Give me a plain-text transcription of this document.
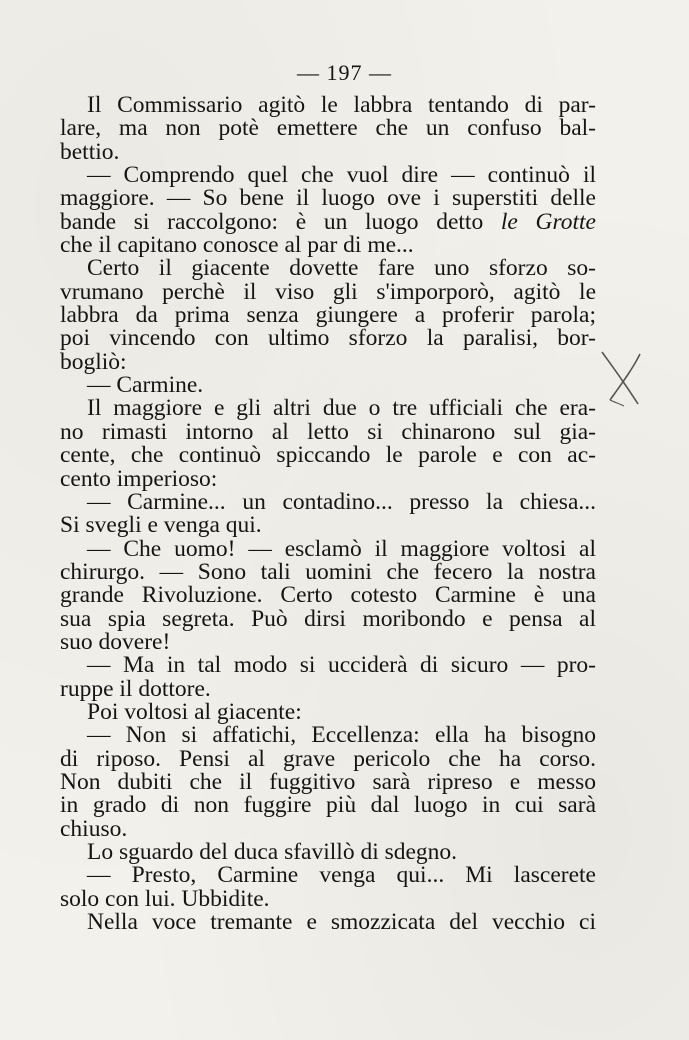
— 197 —
Il Commissario agitò le labbra tentando di par-
lare, ma non potè emettere che un confuso bal-
bettio.
— Comprendo quel che vuol dire — continuò il
maggiore. — So bene il luogo ove i superstiti delle
bande si raccolgono: è un luogo detto le Grotte
che il capitano conosce al par di me...
Certo il giacente dovette fare uno sforzo so-
vrumano perchè il viso gli s'imporporò, agitò le
labbra da prima senza giungere a proferir parola;
poi vincendo con ultimo sforzo la paralisi, bor-
bogliò:
— Carmine.
Il maggiore e gli altri due o tre ufficiali che era-
no rimasti intorno al letto si chinarono sul gia-
cente, che continuò spiccando le parole e con ac-
cento imperioso:
— Carmine... un contadino... presso la chiesa...
Si svegli e venga qui.
— Che uomo! — esclamò il maggiore voltosi al
chirurgo. — Sono tali uomini che fecero la nostra
grande Rivoluzione. Certo cotesto Carmine è una
sua spia segreta. Può dirsi moribondo e pensa al
suo dovere!
— Ma in tal modo si ucciderà di sicuro — pro-
ruppe il dottore.
Poi voltosi al giacente:
— Non si affatichi, Eccellenza: ella ha bisogno
di riposo. Pensi al grave pericolo che ha corso.
Non dubiti che il fuggitivo sarà ripreso e messo
in grado di non fuggire più dal luogo in cui sarà
chiuso.
Lo sguardo del duca sfavillò di sdegno.
— Presto, Carmine venga qui... Mi lascerete
solo con lui. Ubbidite.
Nella voce tremante e smozzicata del vecchio ci
